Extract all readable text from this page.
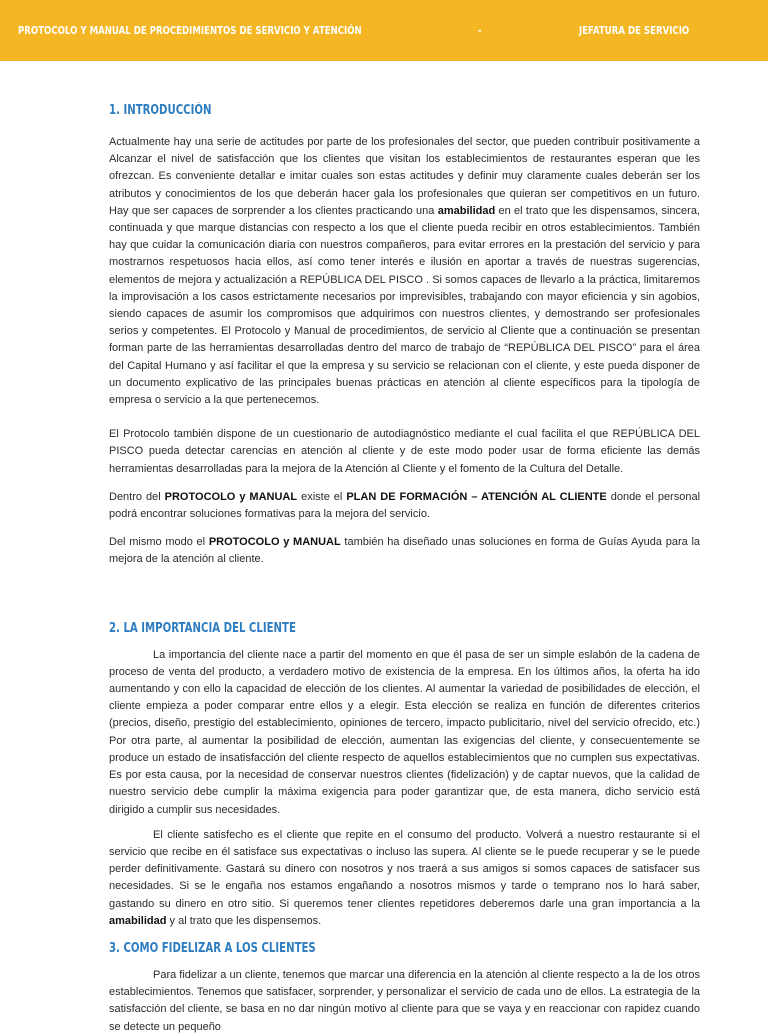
PROTOCOLO Y MANUAL DE PROCEDIMIENTOS DE SERVICIO Y ATENCIÓN	-	JEFATURA DE SERVICIO
1. INTRODUCCIÓN

Actualmente hay una serie de actitudes por parte de los profesionales del sector, que pueden contribuir positivamente a Alcanzar el nivel de satisfacción que los clientes que visitan los establecimientos de restaurantes esperan que les ofrezcan. Es conveniente detallar e imitar cuales son estas actitudes y definir muy claramente cuales deberán ser los atributos y conocimientos de los que deberán hacer gala los profesionales que quieran ser competitivos en un futuro. Hay que ser capaces de sorprender a los clientes practicando una amabilidad en el trato que les dispensamos, sincera, continuada y que marque distancias con respecto a los que el cliente pueda recibir en otros establecimientos. También hay que cuidar la comunicación diaria con nuestros compañeros, para evitar errores en la prestación del servicio y para mostrarnos respetuosos hacia ellos, así como tener interés e ilusión en aportar a través de nuestras sugerencias, elementos de mejora y actualización a REPÚBLICA DEL PISCO . Si somos capaces de llevarlo a la práctica, limitaremos la improvisación a los casos estrictamente necesarios por imprevisibles, trabajando con mayor eficiencia y sin agobios, siendo capaces de asumir los compromisos que adquirimos con nuestros clientes, y demostrando ser profesionales serios y competentes. El Protocolo y Manual de procedimientos, de servicio al Cliente que a continuación se presentan forman parte de las herramientas desarrolladas dentro del marco de trabajo de “REPÚBLICA DEL PISCO” para el área del Capital Humano y así facilitar el que la empresa y su servicio se relacionan con el cliente, y este pueda disponer de un documento explicativo de las principales buenas prácticas en atención al cliente específicos para la tipología de empresa o servicio a la que pertenecemos.

El Protocolo también dispone de un cuestionario de autodiagnóstico mediante el cual facilita el que REPÚBLICA DEL PISCO pueda detectar carencias en atención al cliente y de este modo poder usar de forma eficiente las demás herramientas desarrolladas para la mejora de la Atención al Cliente y el fomento de la Cultura del Detalle.

Dentro del PROTOCOLO y MANUAL existe el PLAN DE FORMACIÓN – ATENCIÓN AL CLIENTE donde el personal podrá encontrar soluciones formativas para la mejora del servicio.

Del mismo modo el PROTOCOLO y MANUAL también ha diseñado unas soluciones en forma de Guías Ayuda para la mejora de la atención al cliente.

2. LA IMPORTANCIA DEL CLIENTE

La importancia del cliente nace a partir del momento en que él pasa de ser un simple eslabón de la cadena de proceso de venta del producto, a verdadero motivo de existencia de la empresa. En los últimos años, la oferta ha ido aumentando y con ello la capacidad de elección de los clientes. Al aumentar la variedad de posibilidades de elección, el cliente empieza a poder comparar entre ellos y a elegir. Esta elección se realiza en función de diferentes criterios (precios, diseño, prestigio del establecimiento, opiniones de tercero, impacto publicitario, nivel del servicio ofrecido, etc.) Por otra parte, al aumentar la posibilidad de elección, aumentan las exigencias del cliente, y consecuentemente se produce un estado de insatisfacción del cliente respecto de aquellos establecimientos que no cumplen sus expectativas. Es por esta causa, por la necesidad de conservar nuestros clientes (fidelización) y de captar nuevos, que la calidad de nuestro servicio debe cumplir la máxima exigencia para poder garantizar que, de esta manera, dicho servicio está dirigido a cumplir sus necesidades.

El cliente satisfecho es el cliente que repite en el consumo del producto. Volverá a nuestro restaurante si el servicio que recibe en él satisface sus expectativas o incluso las supera. Al cliente se le puede recuperar y se le puede perder definitivamente. Gastará su dinero con nosotros y nos traerá a sus amigos si somos capaces de satisfacer sus necesidades. Si se le engaña nos estamos engañando a nosotros mismos y tarde o temprano nos lo hará saber, gastando su dinero en otro sitio. Si queremos tener clientes repetidores deberemos darle una gran importancia a la amabilidad y al trato que les dispensemos.

3. COMO FIDELIZAR A LOS CLIENTES

Para fidelizar a un cliente, tenemos que marcar una diferencia en la atención al cliente respecto a la de los otros establecimientos. Tenemos que satisfacer, sorprender, y personalizar el servicio de cada uno de ellos. La estrategia de la satisfacción del cliente, se basa en no dar ningún motivo al cliente para que se vaya y en reaccionar con rapidez cuando se detecte un pequeño
